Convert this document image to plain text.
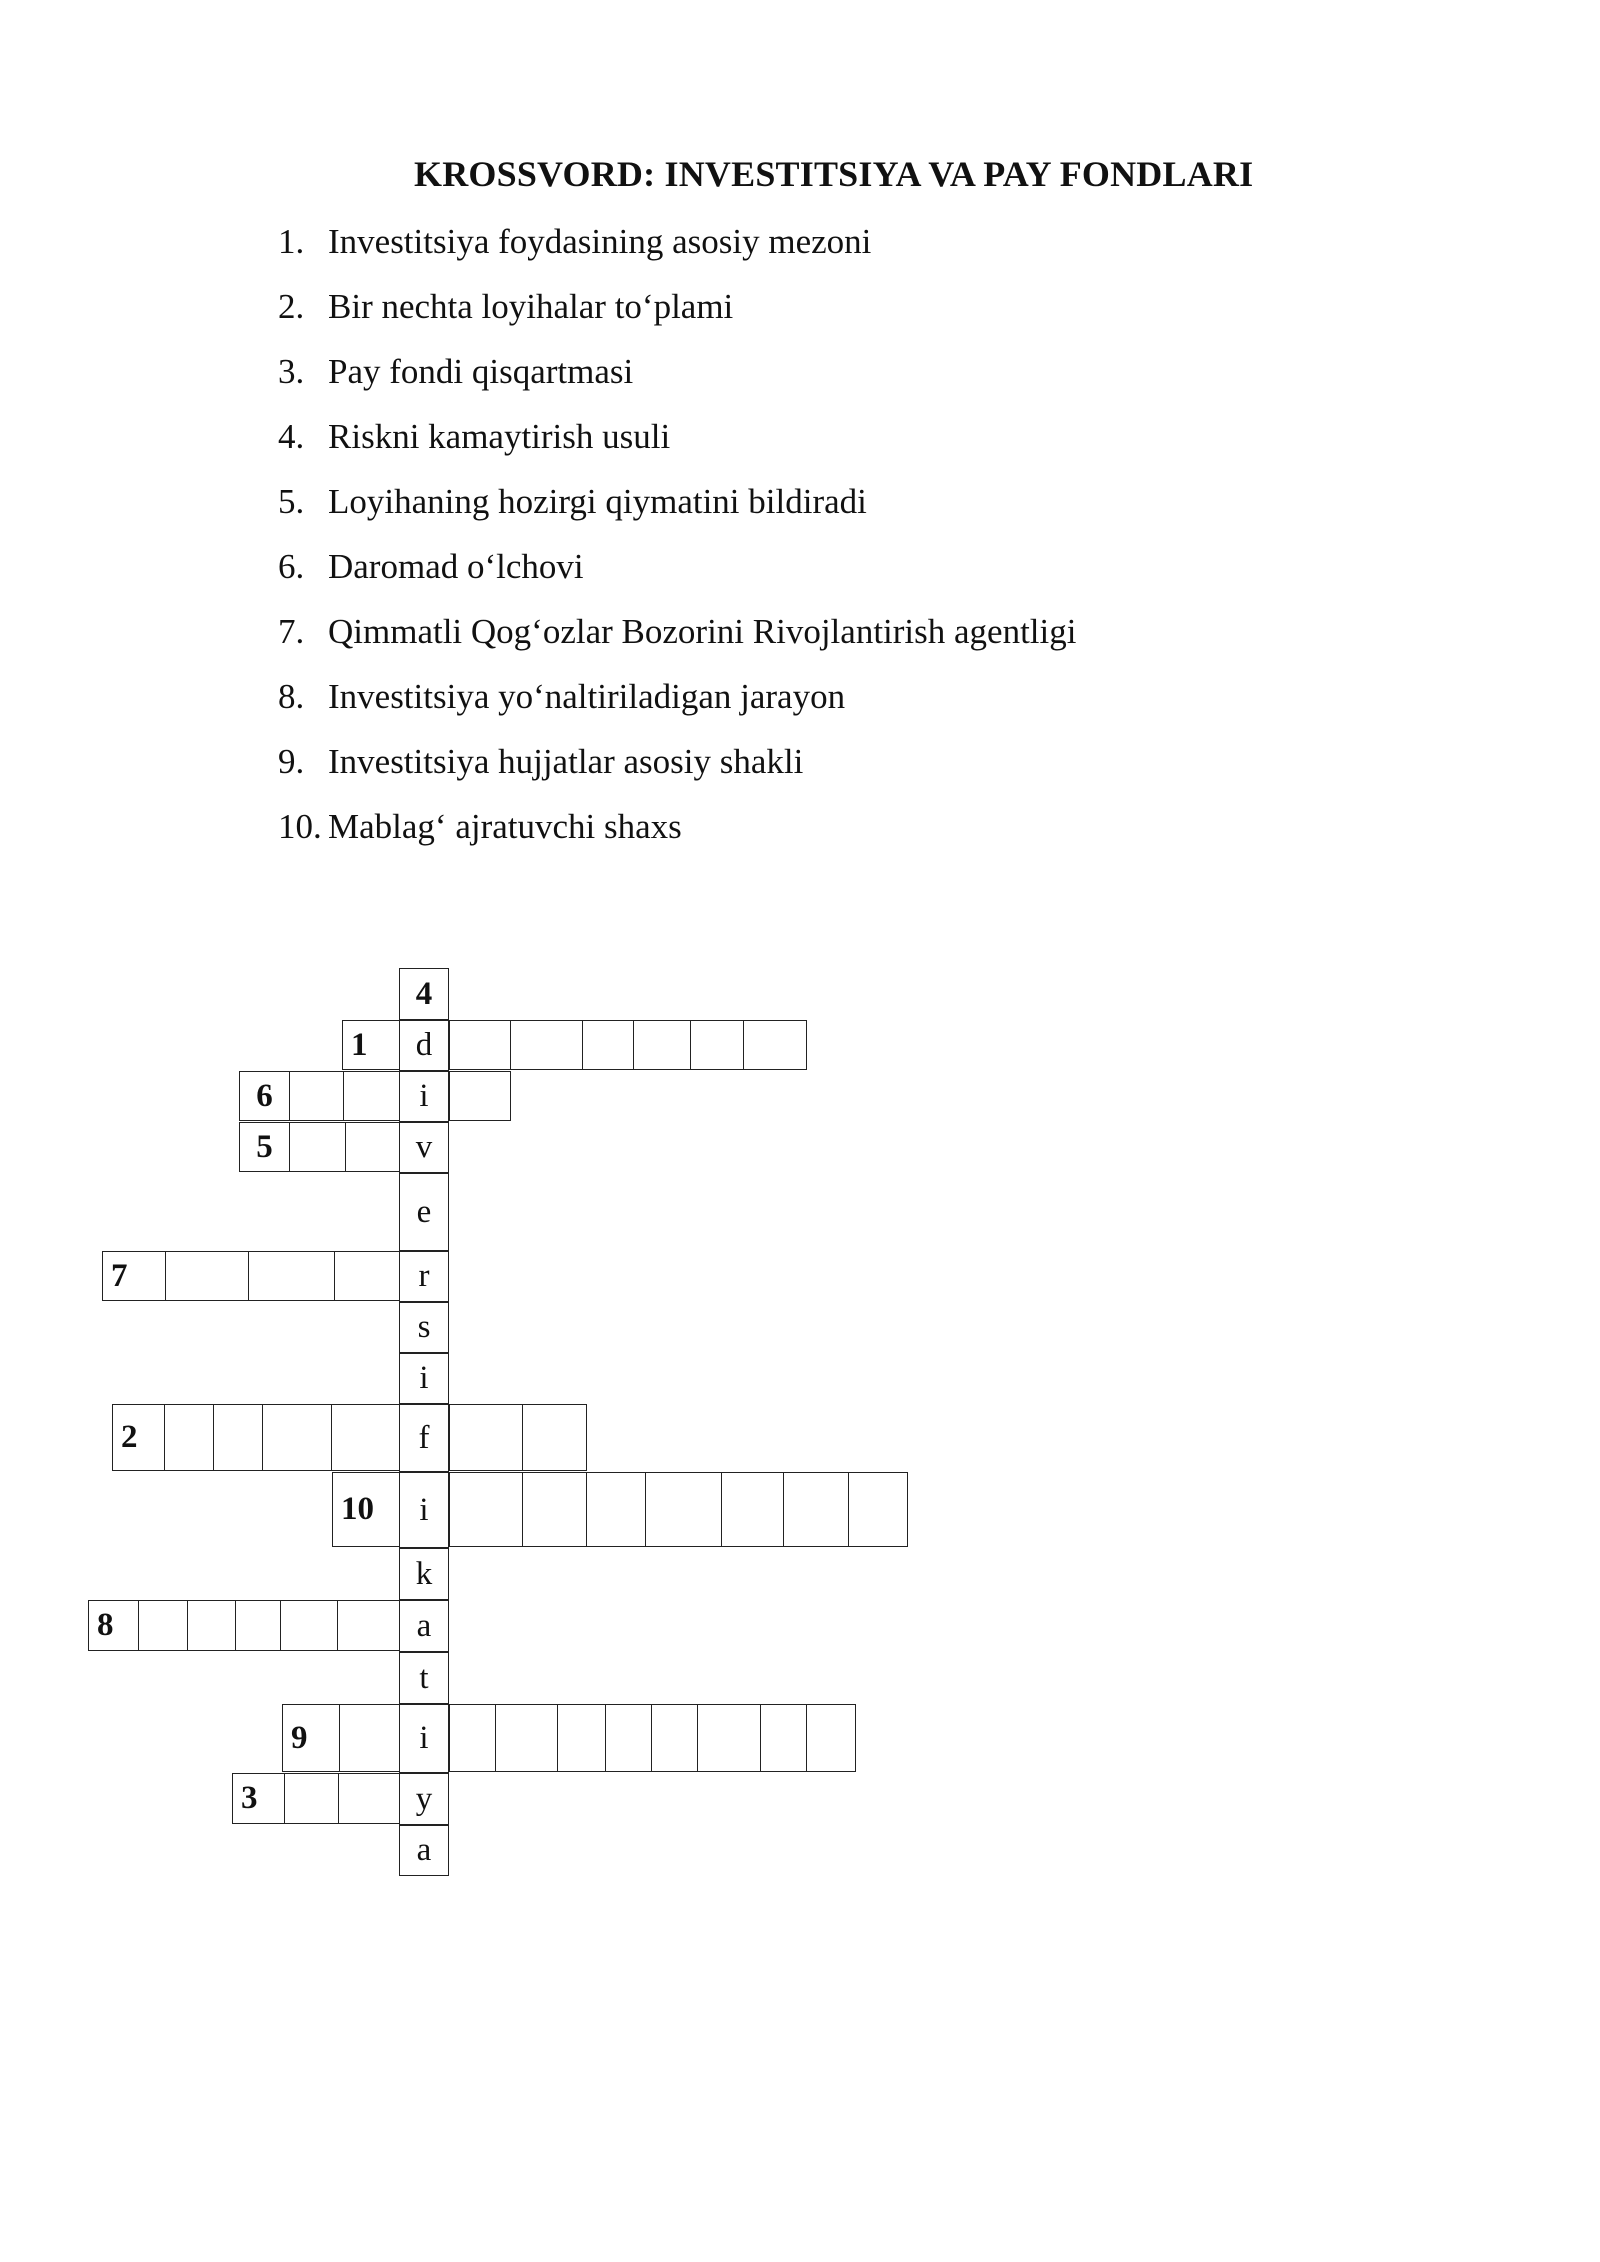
KROSSVORD: INVESTITSIYA VA PAY FONDLARI
1. Investitsiya foydasining asosiy mezoni
2. Bir nechta loyihalar to‘plami
3. Pay fondi qisqartmasi
4. Riskni kamaytirish usuli
5. Loyihaning hozirgi qiymatini bildiradi
6. Daromad o‘lchovi
7. Qimmatli Qog‘ozlar Bozorini Rivojlantirish agentligi
8. Investitsiya yo‘naltiriladigan jarayon
9. Investitsiya hujjatlar asosiy shakli
10. Mablag‘ ajratuvchi shaxs
4
1	d
6	i
5	v
e
7	r
s
i
2	f
10	i
k
8	a
t
9	i
3	y
a
